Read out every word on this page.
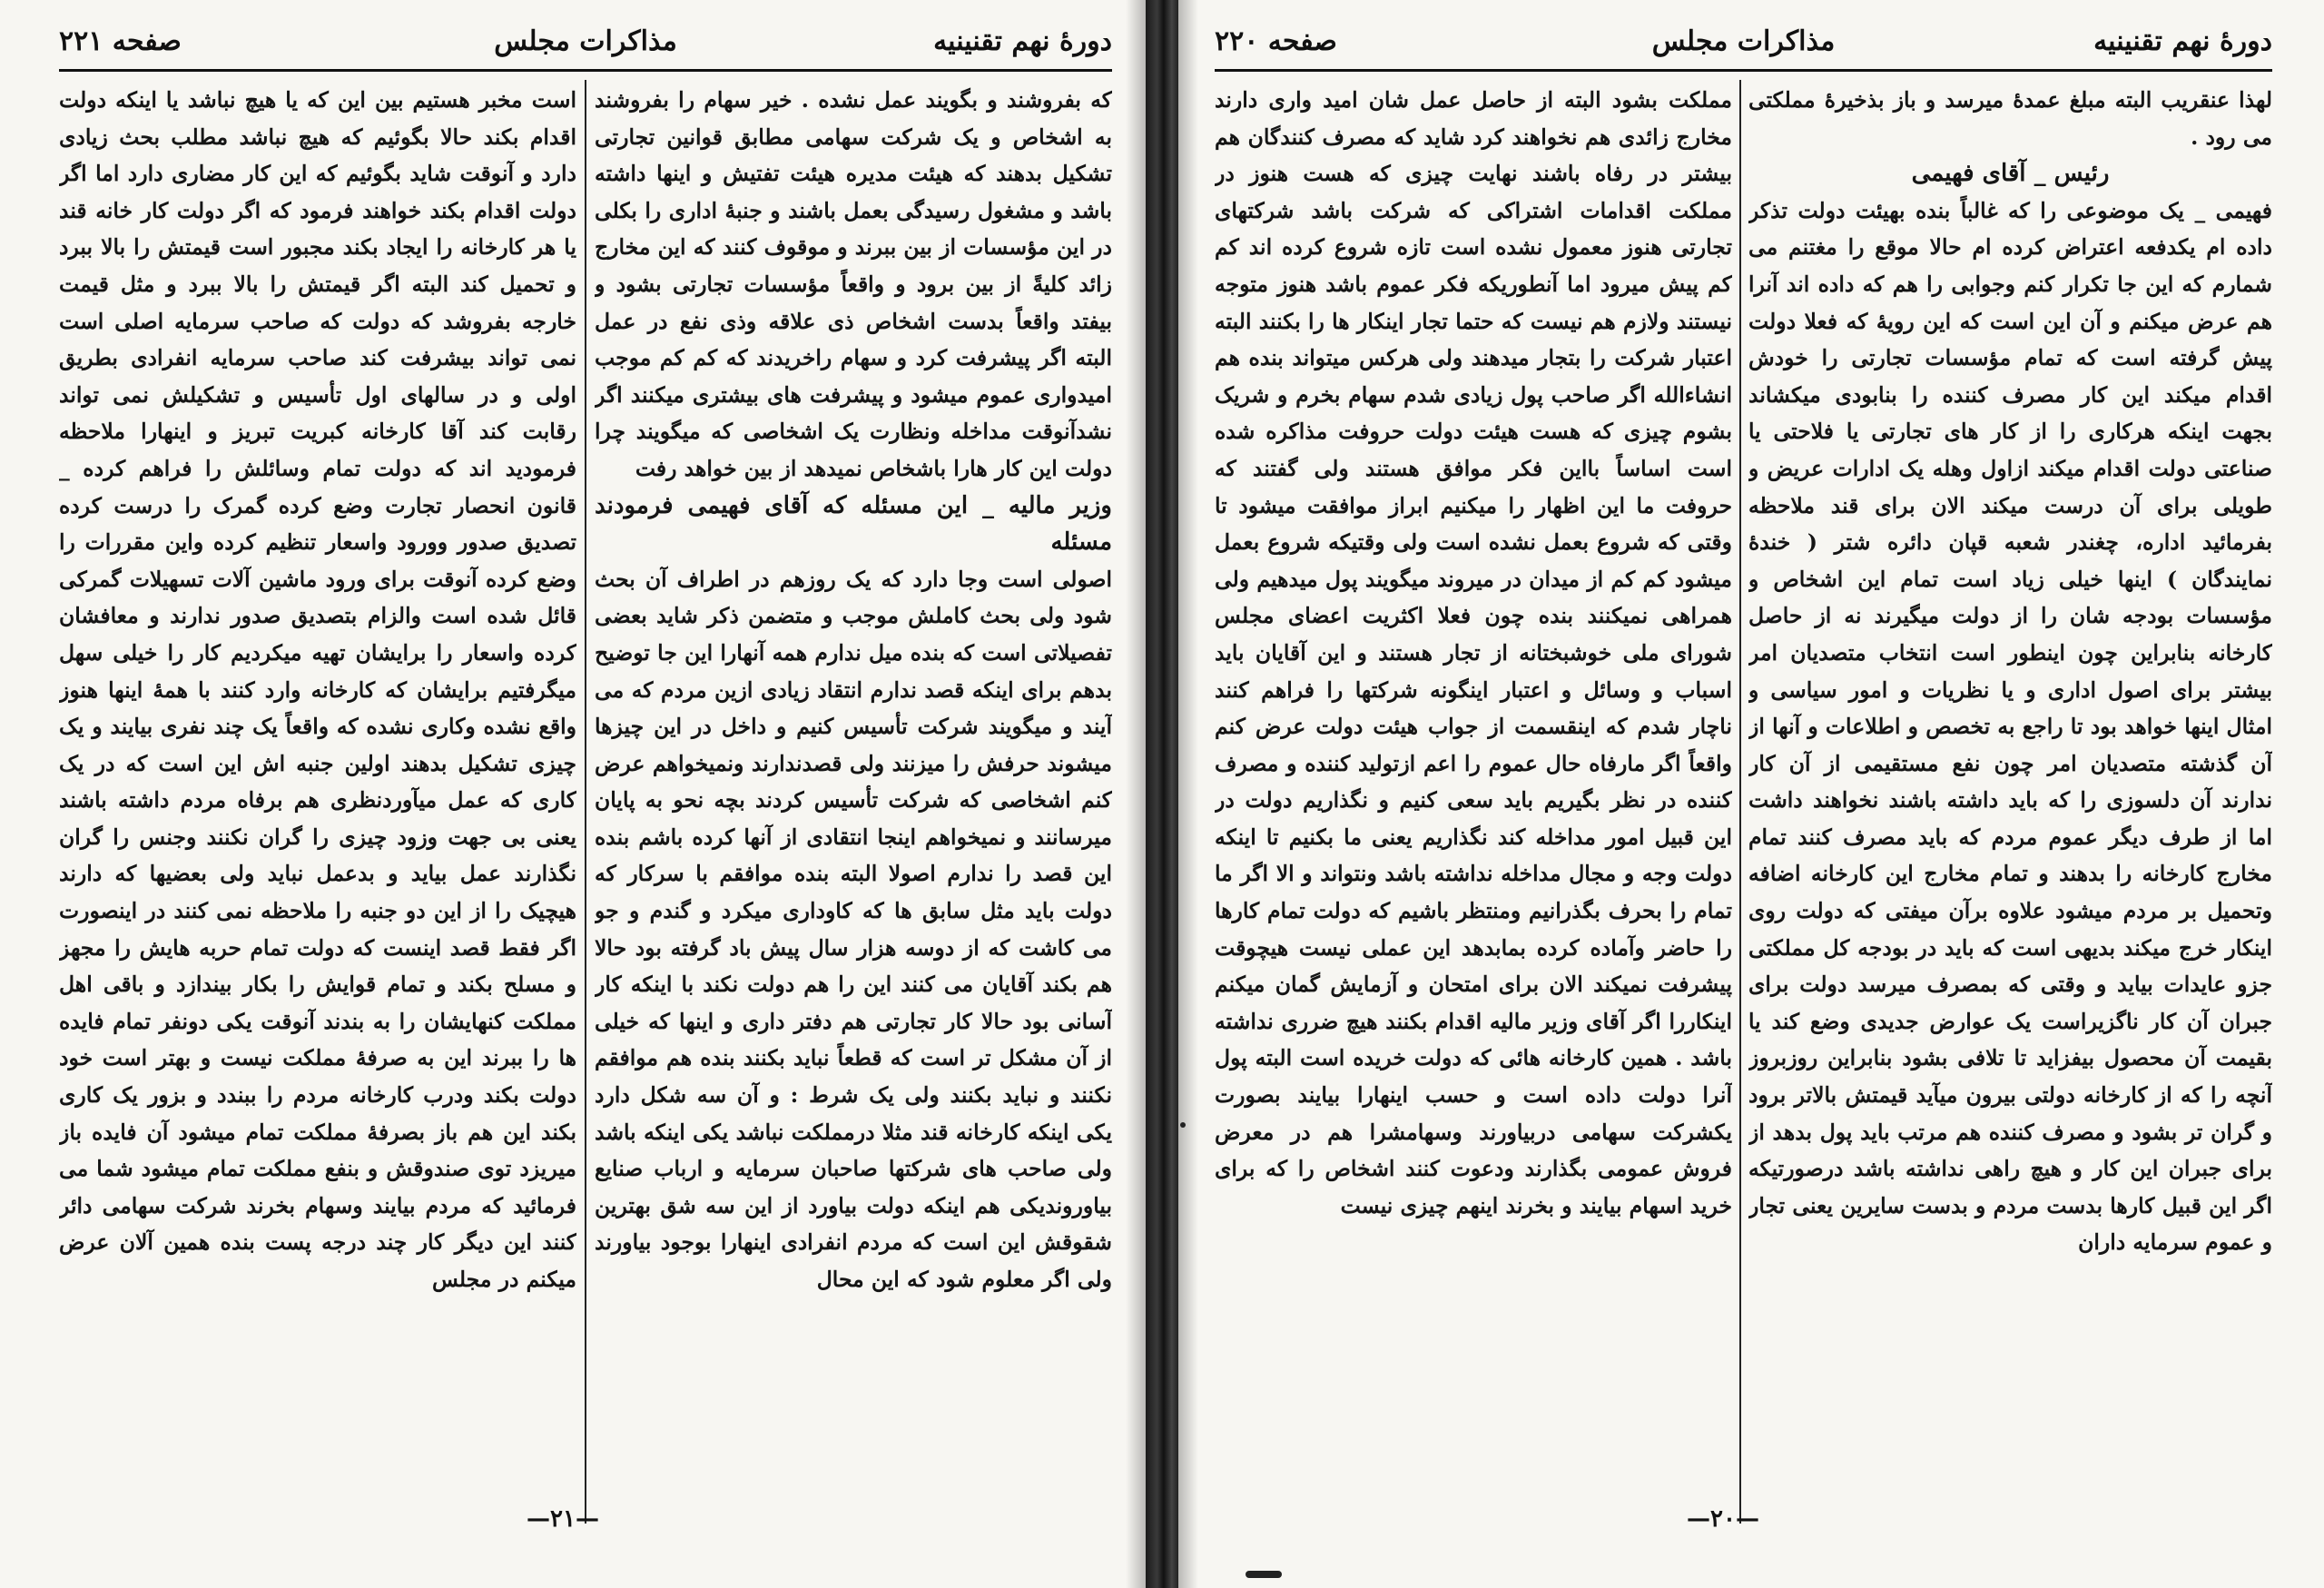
دورهٔ نهم تقنینیه
مذاکرات مجلس
صفحه ۲۲۱

که بفروشند و بگویند عمل نشده . خیر سهام را بفروشند به اشخاص و یک شرکت سهامی مطابق قوانین تجارتی تشکیل بدهند که هیئت مدیره هیئت تفتیش و اینها داشته باشد و مشغول رسیدگی بعمل باشند و جنبهٔ اداری را بکلی در این مؤسسات از بین ببرند و موقوف کنند که این مخارج زائد کلیةً از بین برود و واقعاً مؤسسات تجارتی بشود و بیفتد واقعاً بدست اشخاص ذی علاقه وذی نفع در عمل البته اگر پیشرفت کرد و سهام راخریدند که کم کم موجب امیدواری عموم میشود و پیشرفت های بیشتری میکنند اگر نشدآنوقت مداخله ونظارت یک اشخاصی که میگویند چرا دولت این کار هارا باشخاص نمیدهد از بین خواهد رفت

وزیر مالیه _ این مسئله که آقای فهیمی فرمودند مسئله

اصولی است وجا دارد که یک روزهم در اطراف آن بحث شود ولی بحث کاملش موجب و متضمن ذکر شاید بعضی تفصیلاتی است که بنده میل ندارم همه آنهارا این جا توضیح بدهم برای اینکه قصد ندارم انتقاد زیادی ازین مردم که می آیند و میگویند شرکت تأسیس کنیم و داخل در این چیزها میشوند حرفش را میزنند ولی قصدندارند ونمیخواهم عرض کنم اشخاصی که شرکت تأسیس کردند بچه نحو به پایان میرسانند و نمیخواهم اینجا انتقادی از آنها کرده باشم بنده این قصد را ندارم اصولا البته بنده موافقم با سرکار که دولت باید مثل سابق ها که کاوداری میکرد و گندم و جو می کاشت که از دوسه هزار سال پیش باد گرفته بود حالا هم بکند آقایان می کنند این را هم دولت نکند با اینکه کار آسانی بود حالا کار تجارتی هم دفتر داری و اینها که خیلی از آن مشکل تر است که قطعاً نباید بکنند بنده هم موافقم نکنند و نباید بکنند ولی یک شرط : و آن سه شکل دارد یکی اینکه کارخانه قند مثلا درمملکت نباشد یکی اینکه باشد ولی صاحب های شرکتها صاحبان سرمایه و ارباب صنایع بیاوروندیکی هم اینکه دولت بیاورد از این سه شق بهترین شقوقش این است که مردم انفرادی اینهارا بوجود بیاورند ولی اگر معلوم شود که این محال

است مخبر هستیم بین این که یا هیچ نباشد یا اینکه دولت اقدام بکند حالا بگوئیم که هیچ نباشد مطلب بحث زیادی دارد و آنوقت شاید بگوئیم که این کار مضاری دارد اما اگر دولت اقدام بکند خواهند فرمود که اگر دولت کار خانه قند یا هر کارخانه را ایجاد بکند مجبور است قیمتش را بالا ببرد و تحمیل کند البته اگر قیمتش را بالا ببرد و مثل قیمت خارجه بفروشد که دولت که صاحب سرمایه اصلی است نمی تواند بیشرفت کند صاحب سرمایه انفرادی بطریق اولی و در سالهای اول تأسیس و تشکیلش نمی تواند رقابت کند آقا کارخانه کبریت تبریز و اینهارا ملاحظه فرمودید اند که دولت تمام وسائلش را فراهم کرده _ قانون انحصار تجارت وضع کرده گمرک را درست کرده تصدیق صدور وورود واسعار تنظیم کرده واین مقررات را وضع کرده آنوقت برای ورود ماشین آلات تسهیلات گمرکی قائل شده است والزام بتصدیق صدور ندارند و معافشان کرده واسعار را برایشان تهیه میکردیم کار را خیلی سهل میگرفتیم برایشان که کارخانه وارد کنند با همهٔ اینها هنوز واقع نشده وکاری نشده که واقعاً یک چند نفری بیایند و یک چیزی تشکیل بدهند اولین جنبه اش این است که در یک کاری که عمل میآوردنظری هم برفاه مردم داشته باشند یعنی بی جهت وزود چیزی را گران نکنند وجنس را گران نگذارند عمل بیاید و بدعمل نباید ولی بعضیها که دارند هیچیک را از این دو جنبه را ملاحظه نمی کنند در اینصورت اگر فقط قصد اینست که دولت تمام حربه هایش را مجهز و مسلح بکند و تمام قوایش را بکار بیندازد و باقی اهل مملکت کنهایشان را به بندند آنوقت یکی دونفر تمام فایده ها را ببرند این به صرفهٔ مملکت نیست و بهتر است خود دولت بکند ودرب کارخانه مردم را ببندد و بزور یک کاری بکند این هم باز بصرفهٔ مملکت تمام میشود آن فایده باز میریزد توی صندوقش و بنفع مملکت تمام میشود شما می فرمائید که مردم بیایند وسهام بخرند شرکت سهامی دائر کنند این دیگر کار چند درجه پست بنده همین آلان عرض میکنم در مجلس

—۲۱—
دورهٔ نهم تقنینیه
مذاکرات مجلس
صفحه ۲۲۰

لهذا عنقریب البته مبلغ عمدهٔ میرسد و باز بذخیرهٔ مملکتی می رود .

رئیس _ آقای فهیمی

فهیمی _ یک موضوعی را که غالباً بنده بهیئت دولت تذکر داده ام یکدفعه اعتراض کرده ام حالا موقع را مغتنم می شمارم که این جا تکرار کنم وجوابی را هم که داده اند آنرا هم عرض میکنم و آن این است که این رویهٔ که فعلا دولت پیش گرفته است که تمام مؤسسات تجارتی را خودش اقدام میکند این کار مصرف کننده را بنابودی میکشاند بجهت اینکه هرکاری را از کار های تجارتی یا فلاحتی یا صناعتی دولت اقدام میکند ازاول وهله یک ادارات عریض و طویلی برای آن درست میکند الان برای قند ملاحظه بفرمائید اداره، چغندر شعبه قپان دائره شتر ( خندهٔ نمایندگان ) اینها خیلی زیاد است تمام این اشخاص و مؤسسات بودجه شان را از دولت میگیرند نه از حاصل کارخانه بنابراین چون اینطور است انتخاب متصدیان امر بیشتر برای اصول اداری و یا نظریات و امور سیاسی و امثال اینها خواهد بود تا راجع به تخصص و اطلاعات و آنها از آن گذشته متصدیان امر چون نفع مستقیمی از آن کار ندارند آن دلسوزی را که باید داشته باشند نخواهند داشت اما از طرف دیگر عموم مردم که باید مصرف کنند تمام مخارج کارخانه را بدهند و تمام مخارج این کارخانه اضافه وتحمیل بر مردم میشود علاوه برآن میفتی که دولت روی اینکار خرج میکند بدیهی است که باید در بودجه کل مملکتی جزو عایدات بیاید و وقتی که بمصرف میرسد دولت برای جبران آن کار ناگزیراست یک عوارض جدیدی وضع کند یا بقیمت آن محصول بیفزاید تا تلافی بشود بنابراین روزبروز آنچه را که از کارخانه دولتی بیرون میآید قیمتش بالاتر برود و گران تر بشود و مصرف کننده هم مرتب باید پول بدهد از برای جبران این کار و هیچ راهی نداشته باشد درصورتیکه اگر این قبیل کارها بدست مردم و بدست سایرین یعنی تجار و عموم سرمایه داران

مملکت بشود البته از حاصل عمل شان امید واری دارند مخارج زائدی هم نخواهند کرد شاید که مصرف کنندگان هم بیشتر در رفاه باشند نهایت چیزی که هست هنوز در مملکت اقدامات اشتراکی که شرکت باشد شرکتهای تجارتی هنوز معمول نشده است تازه شروع کرده اند کم کم پیش میرود اما آنطوریکه فکر عموم باشد هنوز متوجه نیستند ولازم هم نیست که حتما تجار اینکار ها را بکنند البته اعتبار شرکت را بتجار میدهند ولی هرکس میتواند بنده هم انشاءالله اگر صاحب پول زیادی شدم سهام بخرم و شریک بشوم چیزی که هست هیئت دولت حروفت مذاکره شده است اساساً بااین فکر موافق هستند ولی گفتند که حروفت ما این اظهار را میکنیم ابراز موافقت میشود تا وقتی که شروع بعمل نشده است ولی وقتیکه شروع بعمل میشود کم کم از میدان در میروند میگویند پول میدهیم ولی همراهی نمیکنند بنده چون فعلا اکثریت اعضای مجلس شورای ملی خوشبختانه از تجار هستند و این آقایان باید اسباب و وسائل و اعتبار اینگونه شرکتها را فراهم کنند ناچار شدم که اینقسمت از جواب هیئت دولت عرض کنم واقعاً اگر مارفاه حال عموم را اعم ازتولید کننده و مصرف کننده در نظر بگیریم باید سعی کنیم و نگذاریم دولت در این قبیل امور مداخله کند نگذاریم یعنی ما بکنیم تا اینکه دولت وجه و مجال مداخله نداشته باشد ونتواند و الا اگر ما تمام را بحرف بگذرانیم ومنتظر باشیم که دولت تمام کارها را حاضر وآماده کرده بمابدهد این عملی نیست هیچوقت پیشرفت نمیکند الان برای امتحان و آزمایش گمان میکنم اینکاررا اگر آقای وزیر مالیه اقدام بکنند هیچ ضرری نداشته باشد . همین کارخانه هائی که دولت خریده است البته پول آنرا دولت داده است و حسب اینهارا بیایند بصورت یکشرکت سهامی دربیاورند وسهامشرا هم در معرض فروش عمومی بگذارند ودعوت کنند اشخاص را که برای خرید اسهام بیایند و بخرند اینهم چیزی نیست

—۲۰—
